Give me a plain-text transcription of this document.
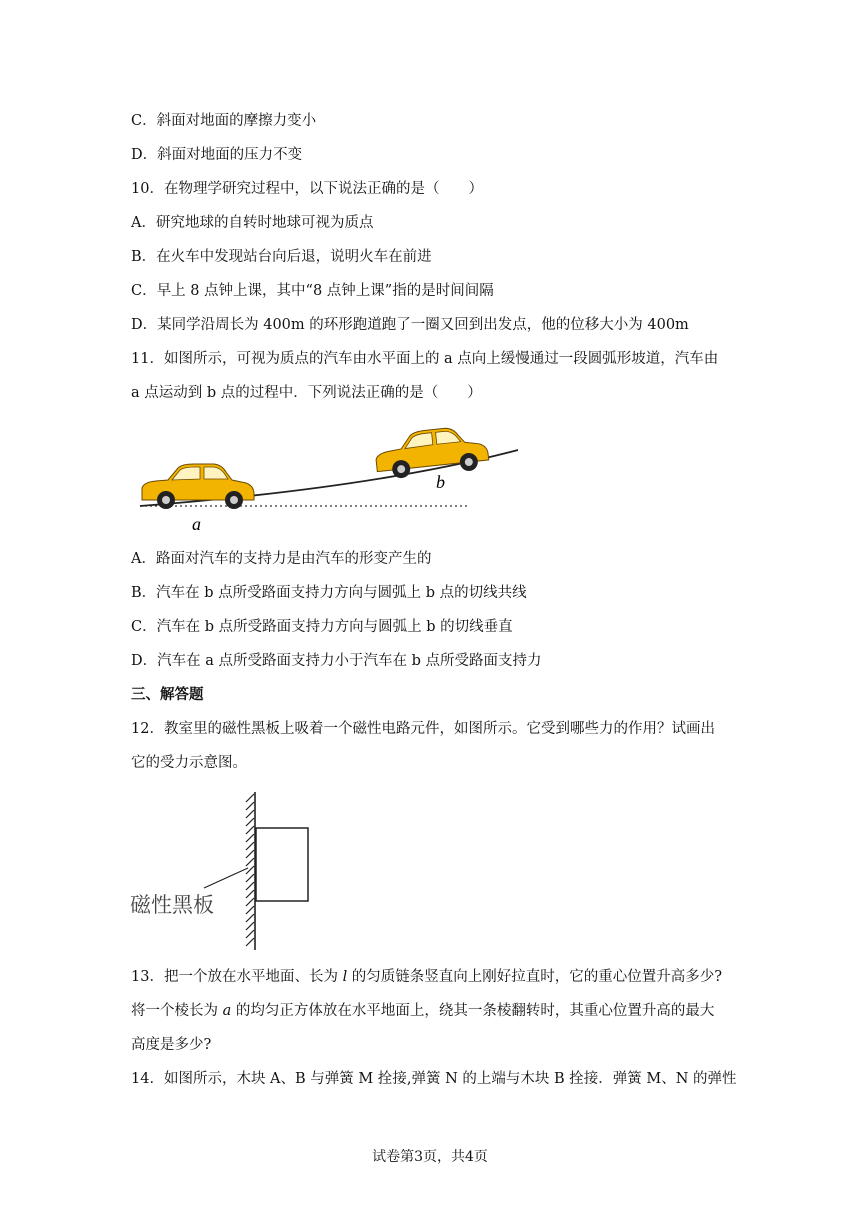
C．斜面对地面的摩擦力变小
D．斜面对地面的压力不变
10．在物理学研究过程中，以下说法正确的是（　　）
A．研究地球的自转时地球可视为质点
B．在火车中发现站台向后退，说明火车在前进
C．早上 8 点钟上课，其中“8 点钟上课”指的是时间间隔
D．某同学沿周长为 400m 的环形跑道跑了一圈又回到出发点，他的位移大小为 400m
11．如图所示，可视为质点的汽车由水平面上的 a 点向上缓慢通过一段圆弧形坡道，汽车由
a 点运动到 b 点的过程中．下列说法正确的是（　　）
a
b
A．路面对汽车的支持力是由汽车的形变产生的
B．汽车在 b 点所受路面支持力方向与圆弧上 b 点的切线共线
C．汽车在 b 点所受路面支持力方向与圆弧上 b 的切线垂直
D．汽车在 a 点所受路面支持力小于汽车在 b 点所受路面支持力
三、解答题
12．教室里的磁性黑板上吸着一个磁性电路元件，如图所示。它受到哪些力的作用？试画出
它的受力示意图。
磁性黑板
13．把一个放在水平地面、长为 l 的匀质链条竖直向上刚好拉直时，它的重心位置升高多少?
将一个棱长为 a 的均匀正方体放在水平地面上，绕其一条棱翻转时，其重心位置升高的最大
高度是多少?
14．如图所示，木块 A、B 与弹簧 M 拴接,弹簧 N 的上端与木块 B 拴接．弹簧 M、N 的弹性
试卷第3页，共4页
